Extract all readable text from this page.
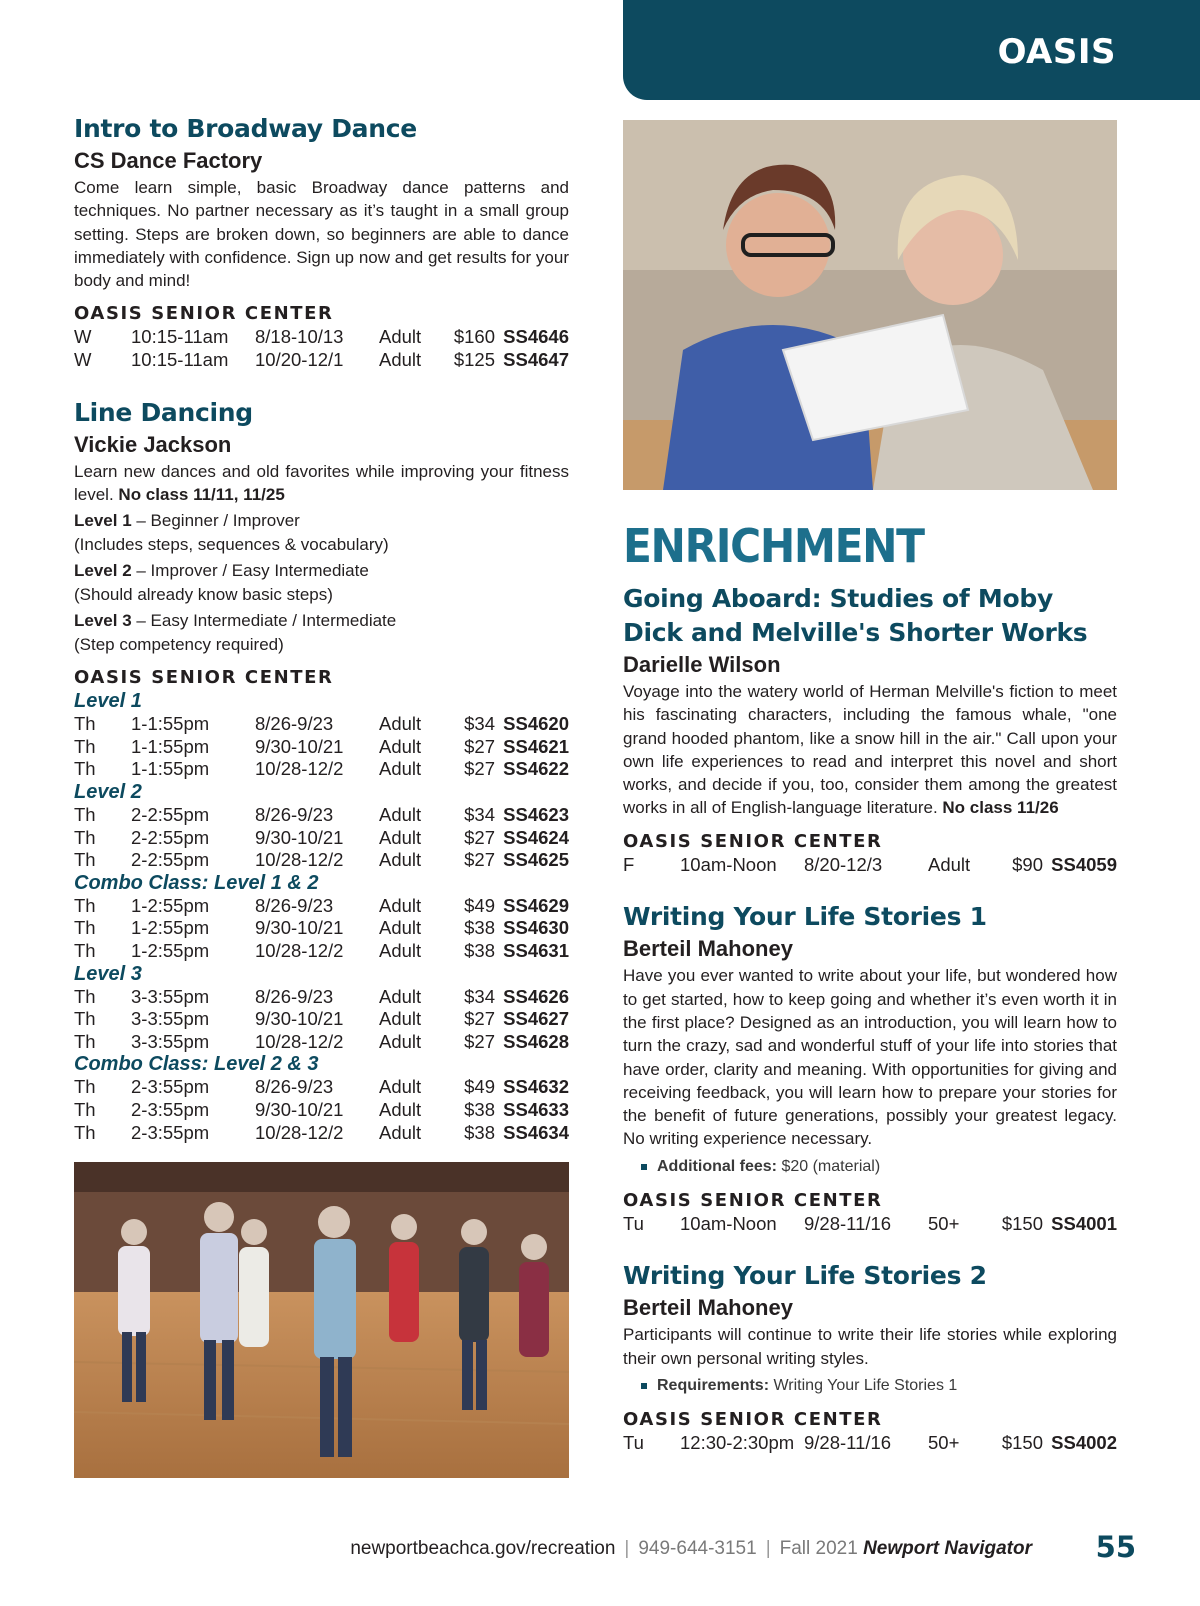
OASIS
Intro to Broadway Dance
CS Dance Factory
Come learn simple, basic Broadway dance patterns and techniques. No partner necessary as it’s taught in a small group setting. Steps are broken down, so beginners are able to dance immediately with confidence. Sign up now and get results for your body and mind!
OASIS SENIOR CENTER
W	10:15-11am	8/18-10/13	Adult	$160	SS4646
W	10:15-11am	10/20-12/1	Adult	$125	SS4647
Line Dancing
Vickie Jackson
Learn new dances and old favorites while improving your fitness level. No class 11/11, 11/25
Level 1 – Beginner / Improver
(Includes steps, sequences & vocabulary)
Level 2 – Improver / Easy Intermediate
(Should already know basic steps)
Level 3 – Easy Intermediate / Intermediate
(Step competency required)
OASIS SENIOR CENTER
Level 1
Th	1-1:55pm	8/26-9/23	Adult	$34	SS4620
Th	1-1:55pm	9/30-10/21	Adult	$27	SS4621
Th	1-1:55pm	10/28-12/2	Adult	$27	SS4622
Level 2
Th	2-2:55pm	8/26-9/23	Adult	$34	SS4623
Th	2-2:55pm	9/30-10/21	Adult	$27	SS4624
Th	2-2:55pm	10/28-12/2	Adult	$27	SS4625
Combo Class: Level 1 & 2
Th	1-2:55pm	8/26-9/23	Adult	$49	SS4629
Th	1-2:55pm	9/30-10/21	Adult	$38	SS4630
Th	1-2:55pm	10/28-12/2	Adult	$38	SS4631
Level 3
Th	3-3:55pm	8/26-9/23	Adult	$34	SS4626
Th	3-3:55pm	9/30-10/21	Adult	$27	SS4627
Th	3-3:55pm	10/28-12/2	Adult	$27	SS4628
Combo Class: Level 2 & 3
Th	2-3:55pm	8/26-9/23	Adult	$49	SS4632
Th	2-3:55pm	9/30-10/21	Adult	$38	SS4633
Th	2-3:55pm	10/28-12/2	Adult	$38	SS4634
ENRICHMENT
Going Aboard: Studies of Moby Dick and Melville's Shorter Works
Darielle Wilson
Voyage into the watery world of Herman Melville's fiction to meet his fascinating characters, including the famous whale, "one grand hooded phantom, like a snow hill in the air." Call upon your own life experiences to read and interpret this novel and short works, and decide if you, too, consider them among the greatest works in all of English-language literature. No class 11/26
OASIS SENIOR CENTER
F	10am-Noon	8/20-12/3	Adult	$90	SS4059
Writing Your Life Stories 1
Berteil Mahoney
Have you ever wanted to write about your life, but wondered how to get started, how to keep going and whether it’s even worth it in the first place? Designed as an introduction, you will learn how to turn the crazy, sad and wonderful stuff of your life into stories that have order, clarity and meaning. With opportunities for giving and receiving feedback, you will learn how to prepare your stories for the benefit of future generations, possibly your greatest legacy. No writing experience necessary.
Additional fees: $20 (material)
OASIS SENIOR CENTER
Tu	10am-Noon	9/28-11/16	50+	$150	SS4001
Writing Your Life Stories 2
Berteil Mahoney
Participants will continue to write their life stories while exploring their own personal writing styles.
Requirements: Writing Your Life Stories 1
OASIS SENIOR CENTER
Tu	12:30-2:30pm	9/28-11/16	50+	$150	SS4002
newportbeachca.gov/recreation | 949-644-3151 | Fall 2021 Newport Navigator 55
